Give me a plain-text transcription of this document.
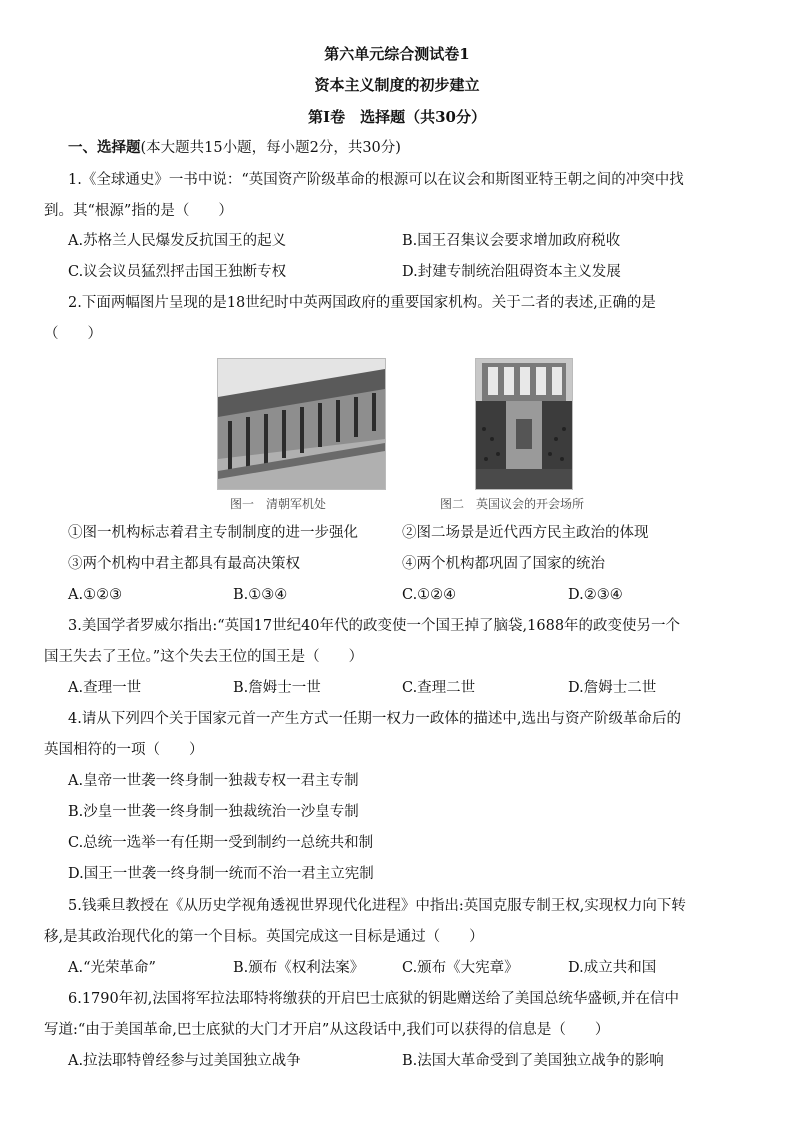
第六单元综合测试卷1
资本主义制度的初步建立
第Ⅰ卷　选择题（共30分）
一、选择题(本大题共15小题，每小题2分，共30分)
1.《全球通史》一书中说：“英国资产阶级革命的根源可以在议会和斯图亚特王朝之间的冲突中找
到。其“根源”指的是（　　）
A.苏格兰人民爆发反抗国王的起义	B.国王召集议会要求增加政府税收
C.议会议员猛烈抨击国王独断专权	D.封建专制统治阻碍资本主义发展
2.下面两幅图片呈现的是18世纪时中英两国政府的重要国家机构。关于二者的表述,正确的是
（　　）
图一　清朝军机处	图二　英国议会的开会场所
①图一机构标志着君主专制制度的进一步强化	②图二场景是近代西方民主政治的体现
③两个机构中君主都具有最高决策权	④两个机构都巩固了国家的统治
A.①②③	B.①③④	C.①②④	D.②③④
3.美国学者罗威尔指出:“英国17世纪40年代的政变使一个国王掉了脑袋,1688年的政变使另一个
国王失去了王位。”这个失去王位的国王是（　　）
A.查理一世	B.詹姆士一世	C.查理二世	D.詹姆士二世
4.请从下列四个关于国家元首一产生方式一任期一权力一政体的描述中,选出与资产阶级革命后的
英国相符的一项（　　）
A.皇帝一世袭一终身制一独裁专权一君主专制
B.沙皇一世袭一终身制一独裁统治一沙皇专制
C.总统一选举一有任期一受到制约一总统共和制
D.国王一世袭一终身制一统而不治一君主立宪制
5.钱乘旦教授在《从历史学视角透视世界现代化进程》中指出:英国克服专制王权,实现权力向下转
移,是其政治现代化的第一个目标。英国完成这一目标是通过（　　）
A.“光荣革命”	B.颁布《权利法案》	C.颁布《大宪章》	D.成立共和国
6.1790年初,法国将军拉法耶特将缴获的开启巴士底狱的钥匙赠送给了美国总统华盛顿,并在信中
写道:“由于美国革命,巴士底狱的大门才开启”从这段话中,我们可以获得的信息是（　　）
A.拉法耶特曾经参与过美国独立战争	B.法国大革命受到了美国独立战争的影响
